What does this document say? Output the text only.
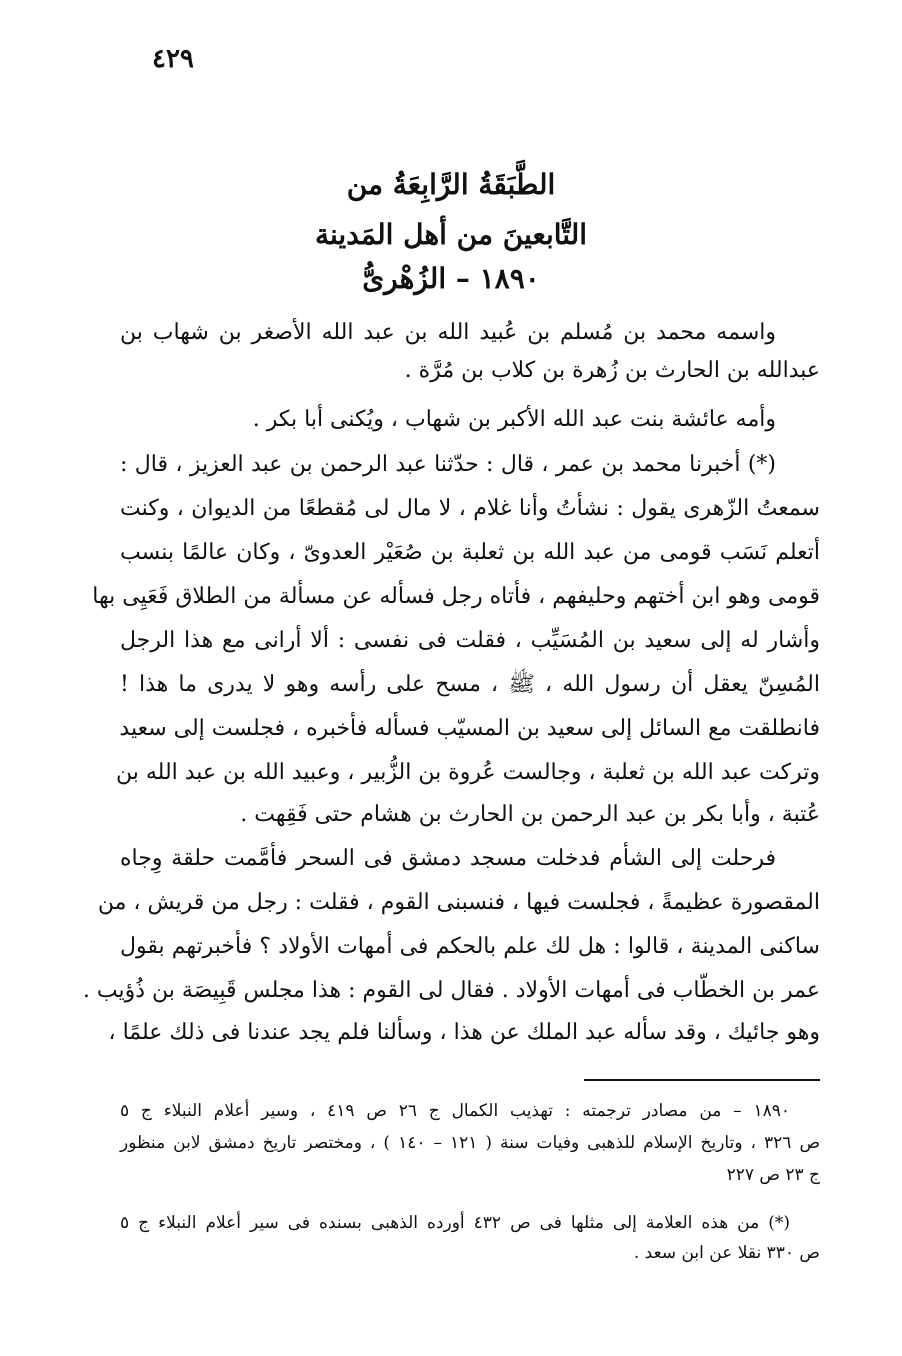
٤٢٩
الطَّبَقَةُ الرَّابِعَةُ من
التَّابعينَ من أهل المَدينة
١٨٩٠ – الزُهْرىُّ
واسمه محمد بن مُسلم بن عُبيد الله بن عبد الله الأصغر بن شهاب بن
عبدالله بن الحارث بن زُهرة بن كلاب بن مُرَّة .
وأمه عائشة بنت عبد الله الأكبر بن شهاب ، ويُكنى أبا بكر .
(*) أخبرنا محمد بن عمر ، قال : حدّثنا عبد الرحمن بن عبد العزيز ، قال :
سمعتُ الزّهرى يقول : نشأتُ وأنا غلام ، لا مال لى مُقطعًا من الديوان ، وكنت
أتعلم نَسَب قومى من عبد الله بن ثعلبة بن صُعَيْر العدوىّ ، وكان عالمًا بنسب
قومى وهو ابن أختهم وحليفهم ، فأتاه رجل فسأله عن مسألة من الطلاق فَعَيِى بها
وأشار له إلى سعيد بن المُسَيِّب ، فقلت فى نفسى : ألا أرانى مع هذا الرجل
المُسِنّ يعقل أن رسول الله ، ﷺ ، مسح على رأسه وهو لا يدرى ما هذا !
فانطلقت مع السائل إلى سعيد بن المسيّب فسأله فأخبره ، فجلست إلى سعيد
وتركت عبد الله بن ثعلبة ، وجالست عُروة بن الزُّبير ، وعبيد الله بن عبد الله بن
عُتبة ، وأبا بكر بن عبد الرحمن بن الحارث بن هشام حتى فَقِهت .
فرحلت إلى الشأم فدخلت مسجد دمشق فى السحر فأمَّمت حلقة وِجاه
المقصورة عظيمةً ، فجلست فيها ، فنسبنى القوم ، فقلت : رجل من قريش ، من
ساكنى المدينة ، قالوا : هل لك علم بالحكم فى أمهات الأولاد ؟ فأخبرتهم بقول
عمر بن الخطّاب فى أمهات الأولاد . فقال لى القوم : هذا مجلس قَبِيصَة بن ذُؤيب .
وهو جائيك ، وقد سأله عبد الملك عن هذا ، وسألنا فلم يجد عندنا فى ذلك علمًا ،
١٨٩٠ – من مصادر ترجمته : تهذيب الكمال ج ٢٦ ص ٤١٩ ، وسير أعلام النبلاء ج ٥
ص ٣٢٦ ، وتاريخ الإسلام للذهبى وفيات سنة ( ١٢١ – ١٤٠ ) ، ومختصر تاريخ دمشق لابن منظور
ج ٢٣ ص ٢٢٧
(*) من هذه العلامة إلى مثلها فى ص ٤٣٢ أورده الذهبى بسنده فى سير أعلام النبلاء ج ٥
ص ٣٣٠ نقلا عن ابن سعد .
